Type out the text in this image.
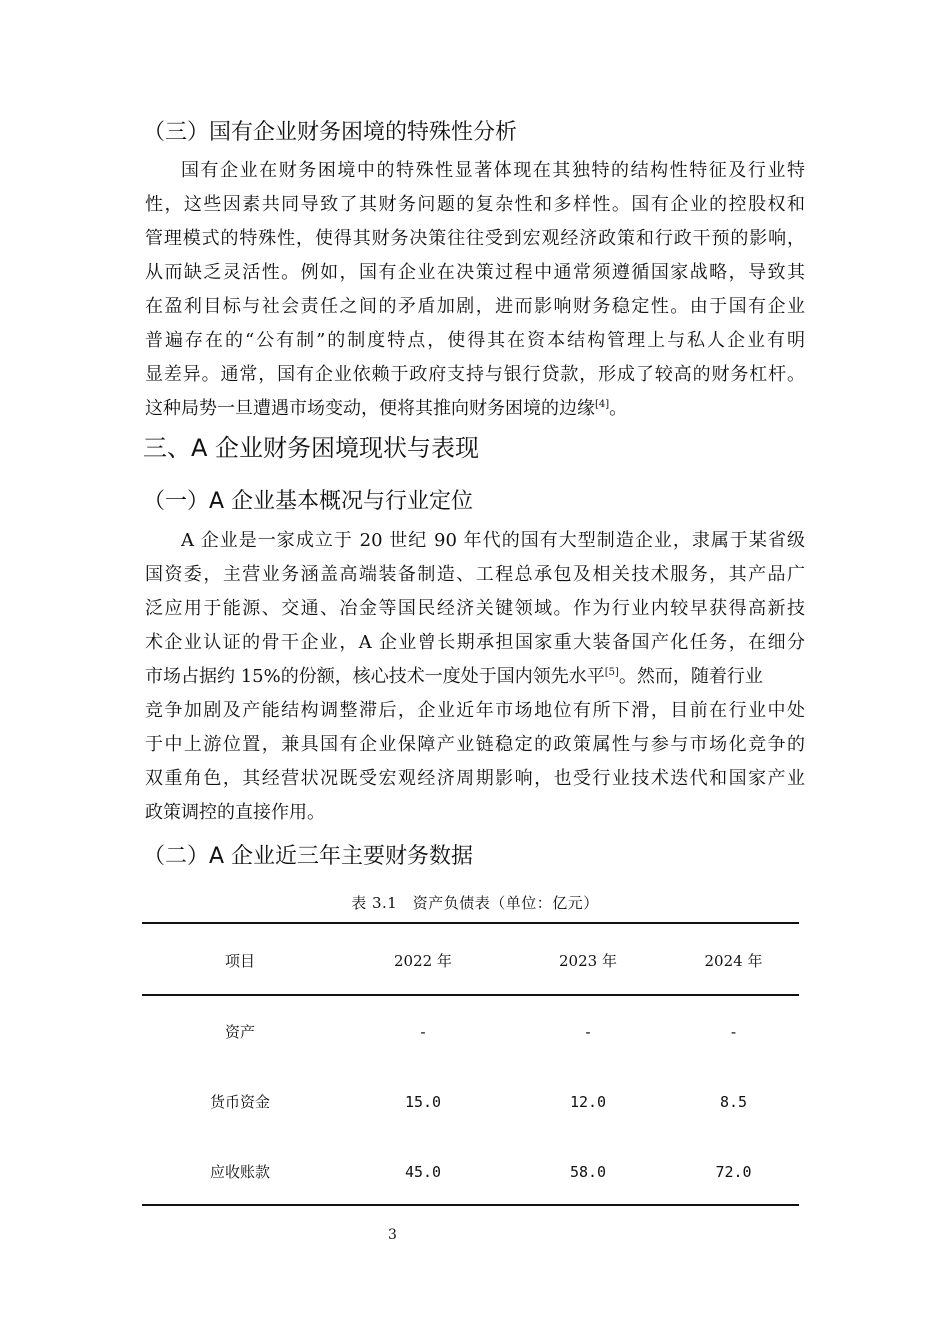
（三）国有企业财务困境的特殊性分析
国有企业在财务困境中的特殊性显著体现在其独特的结构性特征及行业特
性，这些因素共同导致了其财务问题的复杂性和多样性。国有企业的控股权和
管理模式的特殊性，使得其财务决策往往受到宏观经济政策和行政干预的影响，
从而缺乏灵活性。例如，国有企业在决策过程中通常须遵循国家战略，导致其
在盈利目标与社会责任之间的矛盾加剧，进而影响财务稳定性。由于国有企业
普遍存在的“公有制”的制度特点，使得其在资本结构管理上与私人企业有明
显差异。通常，国有企业依赖于政府支持与银行贷款，形成了较高的财务杠杆。
这种局势一旦遭遇市场变动，便将其推向财务困境的边缘[4]。
三、A 企业财务困境现状与表现
（一）A 企业基本概况与行业定位
A 企业是一家成立于 20 世纪 90 年代的国有大型制造企业，隶属于某省级
国资委，主营业务涵盖高端装备制造、工程总承包及相关技术服务，其产品广
泛应用于能源、交通、冶金等国民经济关键领域。作为行业内较早获得高新技
术企业认证的骨干企业，A 企业曾长期承担国家重大装备国产化任务，在细分
市场占据约 15%的份额，核心技术一度处于国内领先水平[5]。然而，随着行业
竞争加剧及产能结构调整滞后，企业近年市场地位有所下滑，目前在行业中处
于中上游位置，兼具国有企业保障产业链稳定的政策属性与参与市场化竞争的
双重角色，其经营状况既受宏观经济周期影响，也受行业技术迭代和国家产业
政策调控的直接作用。
（二）A 企业近三年主要财务数据
表 3.1　资产负债表（单位：亿元）
项目	2022 年	2023 年	2024 年
资产	-	-	-
货币资金	15.0	12.0	8.5
应收账款	45.0	58.0	72.0
3
